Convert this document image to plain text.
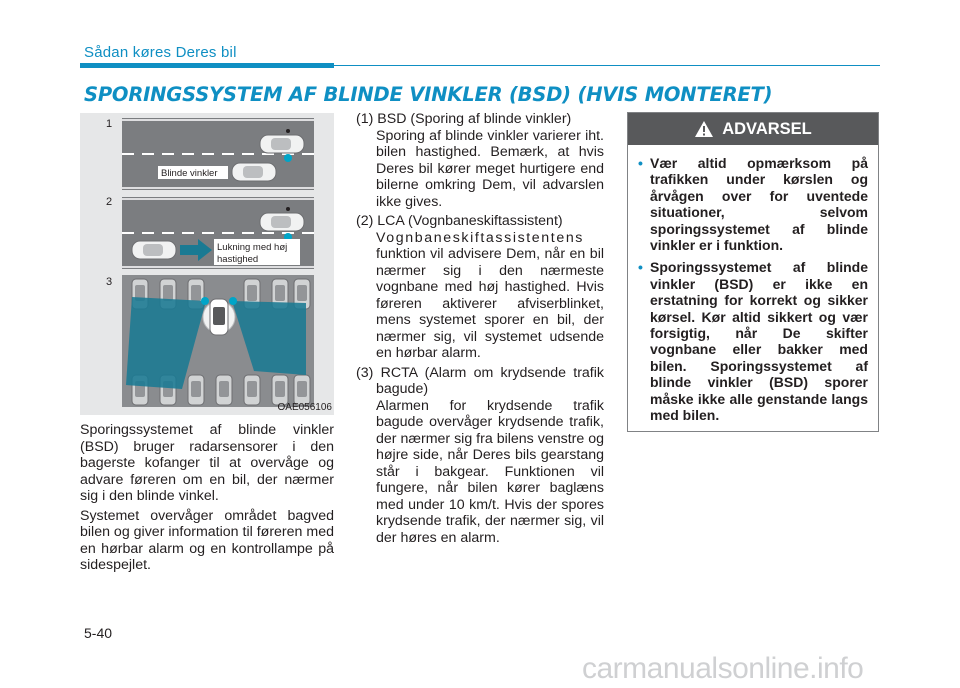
Sådan køres Deres bil
SPORINGSSYSTEM AF BLINDE VINKLER (BSD) (HVIS MONTERET)
1
Blinde vinkler
2
Lukning med høj
hastighed
3
OAE056106

Sporingssystemet af blinde vinkler (BSD) bruger radarsensorer i den bagerste kofanger til at overvåge og advare føreren om en bil, der nærmer sig i den blinde vinkel.

Systemet overvåger området bagved bilen og giver information til føreren med en hørbar alarm og en kontrollampe på sidespejlet.

(1) BSD (Sporing af blinde vinkler)
Sporing af blinde vinkler varierer iht. bilen hastighed. Bemærk, at hvis Deres bil kører meget hurtigere end bilerne omkring Dem, vil advarslen ikke gives.
(2) LCA (Vognbaneskiftassistent)
Vognbaneskiftassistentens
funktion vil advisere Dem, når en bil nærmer sig i den nærmeste vognbane med høj hastighed. Hvis føreren aktiverer afviserblinket, mens systemet sporer en bil, der nærmer sig, vil systemet udsende en hørbar alarm.
(3) RCTA (Alarm om krydsende trafik bagude)
Alarmen for krydsende trafik bagude overvåger krydsende trafik, der nærmer sig fra bilens venstre og højre side, når Deres bils gearstang står i bakgear. Funktionen vil fungere, når bilen kører baglæns med under 10 km/t. Hvis der spores krydsende trafik, der nærmer sig, vil der høres en alarm.
ADVARSEL
• Vær altid opmærksom på trafikken under kørslen og årvågen over for uventede situationer, selvom sporingssystemet af blinde vinkler er i funktion.
• Sporingssystemet af blinde vinkler (BSD) er ikke en erstatning for korrekt og sikker kørsel. Kør altid sikkert og vær forsigtig, når De skifter vognbane eller bakker med bilen. Sporingssystemet af blinde vinkler (BSD) sporer måske ikke alle genstande langs med bilen.
5-40
carmanualsonline.info
